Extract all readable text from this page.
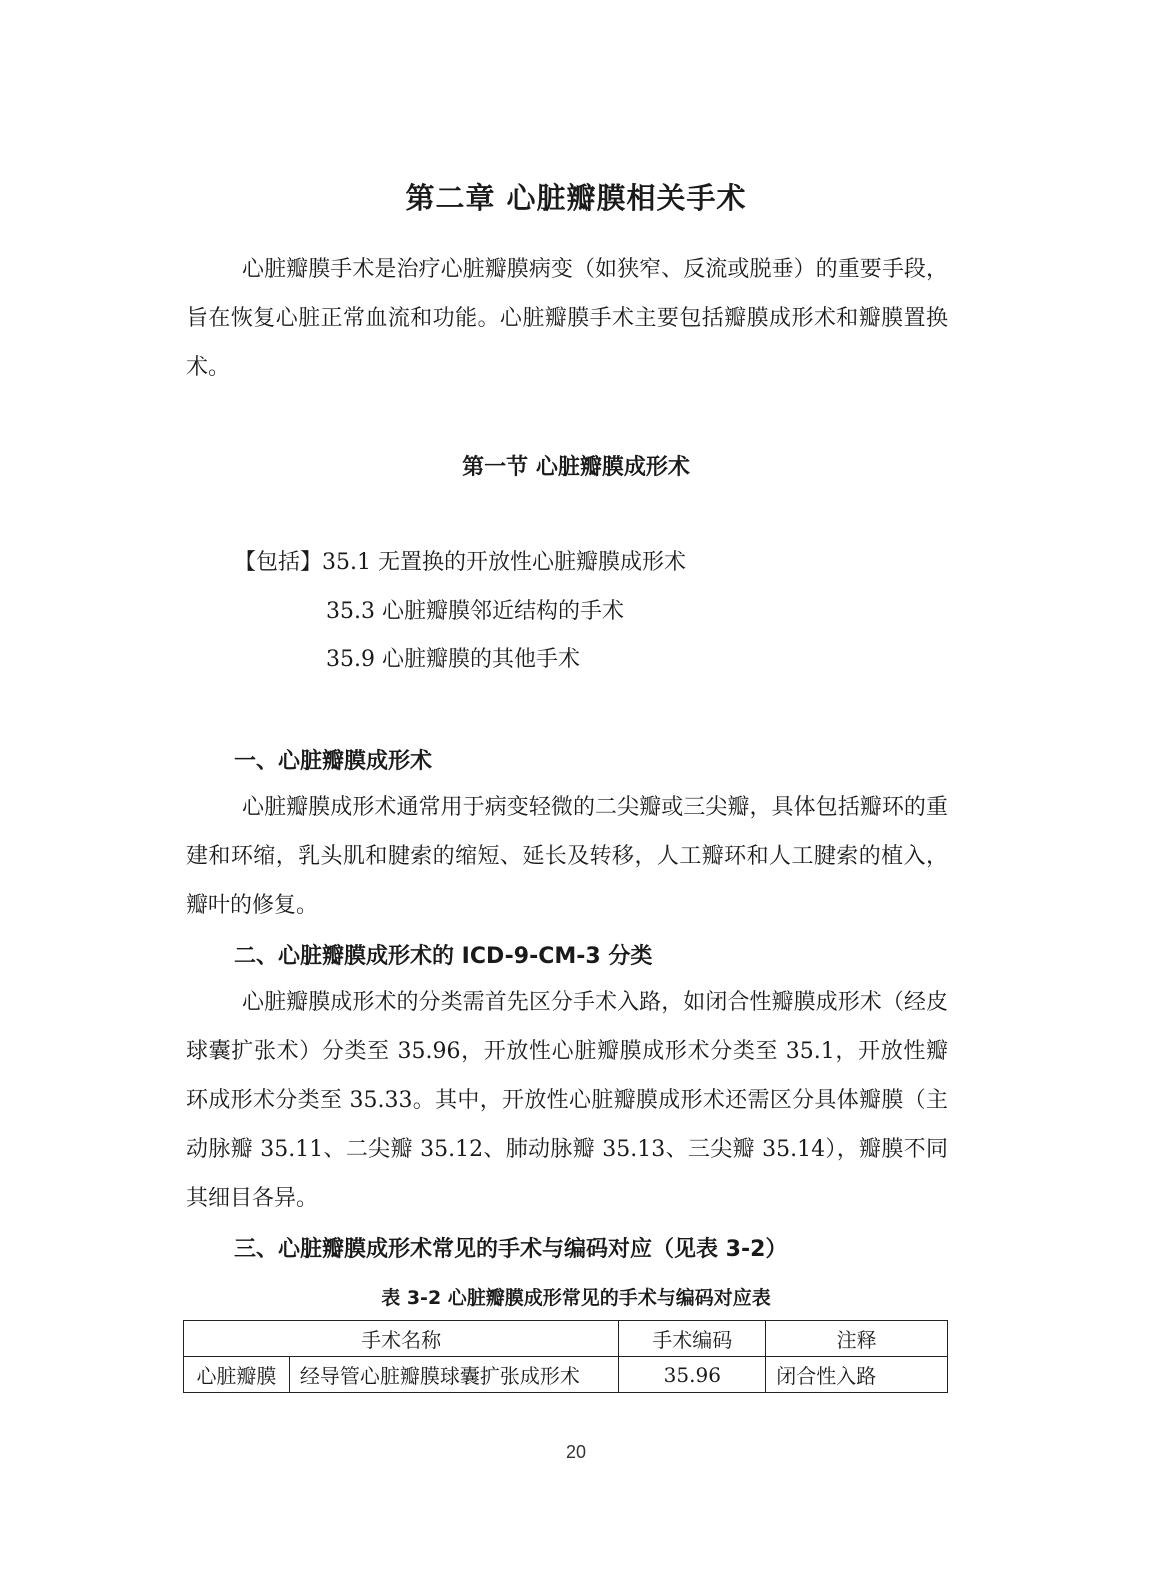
第二章 心脏瓣膜相关手术
心脏瓣膜手术是治疗心脏瓣膜病变（如狭窄、反流或脱垂）的重要手段，旨在恢复心脏正常血流和功能。心脏瓣膜手术主要包括瓣膜成形术和瓣膜置换术。
第一节 心脏瓣膜成形术
【包括】35.1 无置换的开放性心脏瓣膜成形术
35.3 心脏瓣膜邻近结构的手术
35.9 心脏瓣膜的其他手术
一、心脏瓣膜成形术
心脏瓣膜成形术通常用于病变轻微的二尖瓣或三尖瓣，具体包括瓣环的重建和环缩，乳头肌和腱索的缩短、延长及转移，人工瓣环和人工腱索的植入，瓣叶的修复。
二、心脏瓣膜成形术的 ICD-9-CM-3 分类
心脏瓣膜成形术的分类需首先区分手术入路，如闭合性瓣膜成形术（经皮球囊扩张术）分类至 35.96，开放性心脏瓣膜成形术分类至 35.1，开放性瓣环成形术分类至 35.33。其中，开放性心脏瓣膜成形术还需区分具体瓣膜（主动脉瓣 35.11、二尖瓣 35.12、肺动脉瓣 35.13、三尖瓣 35.14），瓣膜不同其细目各异。
三、心脏瓣膜成形术常见的手术与编码对应（见表 3-2）
表 3-2 心脏瓣膜成形常见的手术与编码对应表
手术名称		手术编码	注释
心脏瓣膜	经导管心脏瓣膜球囊扩张成形术	35.96	闭合性入路
20
